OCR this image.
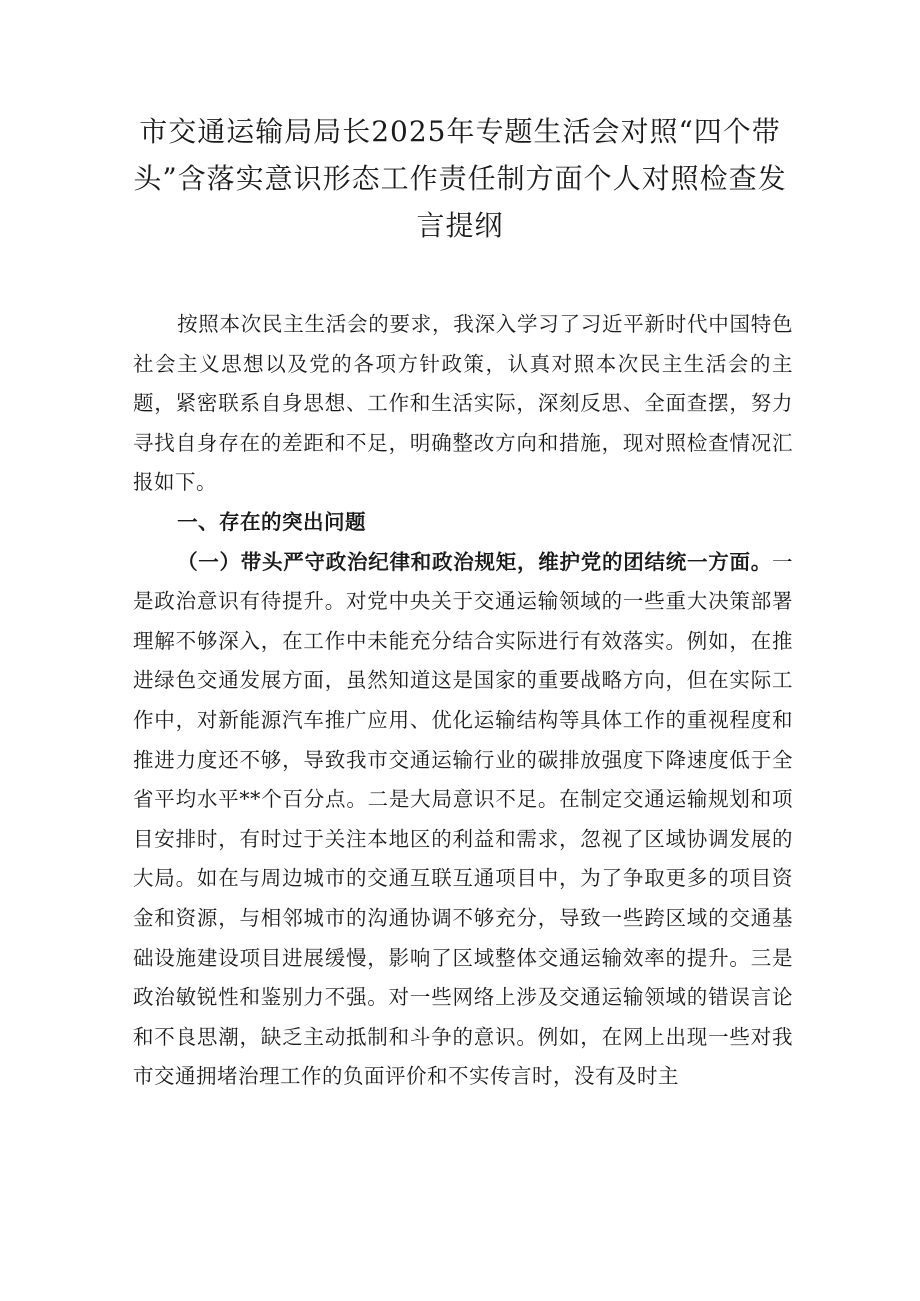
市交通运输局局长2025年专题生活会对照“四个带头”含落实意识形态工作责任制方面个人对照检查发言提纲

按照本次民主生活会的要求，我深入学习了习近平新时代中国特色社会主义思想以及党的各项方针政策，认真对照本次民主生活会的主题，紧密联系自身思想、工作和生活实际，深刻反思、全面查摆，努力寻找自身存在的差距和不足，明确整改方向和措施，现对照检查情况汇报如下。

一、存在的突出问题

（一）带头严守政治纪律和政治规矩，维护党的团结统一方面。一是政治意识有待提升。对党中央关于交通运输领域的一些重大决策部署理解不够深入，在工作中未能充分结合实际进行有效落实。例如，在推进绿色交通发展方面，虽然知道这是国家的重要战略方向，但在实际工作中，对新能源汽车推广应用、优化运输结构等具体工作的重视程度和推进力度还不够，导致我市交通运输行业的碳排放强度下降速度低于全省平均水平**个百分点。二是大局意识不足。在制定交通运输规划和项目安排时，有时过于关注本地区的利益和需求，忽视了区域协调发展的大局。如在与周边城市的交通互联互通项目中，为了争取更多的项目资金和资源，与相邻城市的沟通协调不够充分，导致一些跨区域的交通基础设施建设项目进展缓慢，影响了区域整体交通运输效率的提升。三是政治敏锐性和鉴别力不强。对一些网络上涉及交通运输领域的错误言论和不良思潮，缺乏主动抵制和斗争的意识。例如，在网上出现一些对我市交通拥堵治理工作的负面评价和不实传言时，没有及时主
